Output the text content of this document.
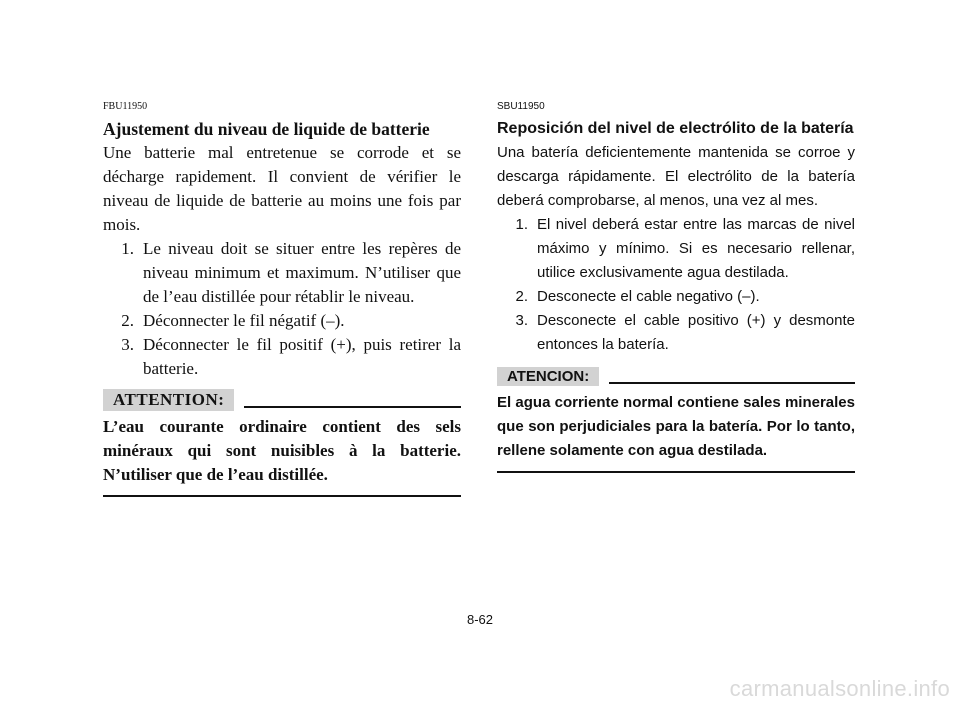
FBU11950
Ajustement du niveau de liquide de batterie
Une batterie mal entretenue se corrode et se décharge rapidement. Il convient de vérifier le niveau de liquide de batterie au moins une fois par mois.
1. Le niveau doit se situer entre les repères de niveau minimum et maximum. N’utiliser que de l’eau distillée pour rétablir le niveau.
2. Déconnecter le fil négatif (–).
3. Déconnecter le fil positif (+), puis retirer la batterie.
ATTENTION:
L’eau courante ordinaire contient des sels minéraux qui sont nuisibles à la batterie. N’utiliser que de l’eau distillée.
SBU11950
Reposición del nivel de electrólito de la batería
Una batería deficientemente mantenida se corroe y descarga rápidamente. El electrólito de la batería deberá comprobarse, al menos, una vez al mes.
1. El nivel deberá estar entre las marcas de nivel máximo y mínimo. Si es necesario rellenar, utilice exclusivamente agua destilada.
2. Desconecte el cable negativo (–).
3. Desconecte el cable positivo (+) y desmonte entonces la batería.
ATENCION:
El agua corriente normal contiene sales minerales que son perjudiciales para la batería. Por lo tanto, rellene solamente con agua destilada.
8-62
carmanualsonline.info
